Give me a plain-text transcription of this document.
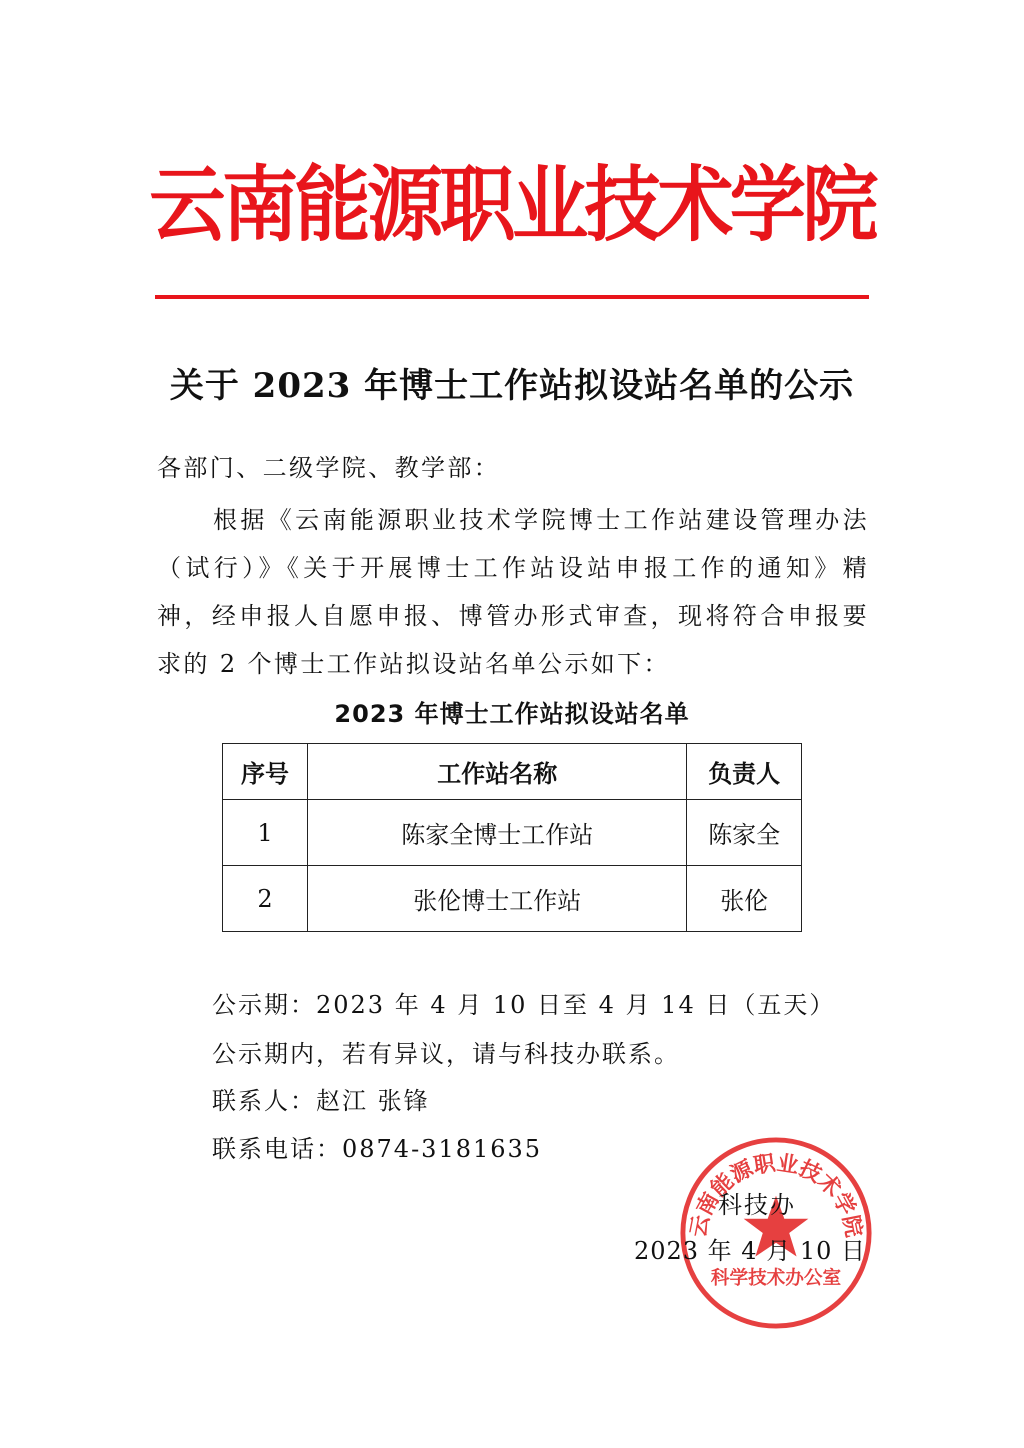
云南能源职业技术学院
关于 2023 年博士工作站拟设站名单的公示
各部门、二级学院、教学部：
根据《云南能源职业技术学院博士工作站建设管理办法（试行）》《关于开展博士工作站设站申报工作的通知》精神，经申报人自愿申报、博管办形式审查，现将符合申报要求的 2 个博士工作站拟设站名单公示如下：
2023 年博士工作站拟设站名单
序号	工作站名称	负责人
1	陈家全博士工作站	陈家全
2	张伦博士工作站	张伦
公示期：2023 年 4 月 10 日至 4 月 14 日（五天）
公示期内，若有异议，请与科技办联系。
联系人：赵江 张锋
联系电话：0874-3181635
云南能源职业技术学院
科学技术办公室
科技办
2023 年 4 月 10 日
